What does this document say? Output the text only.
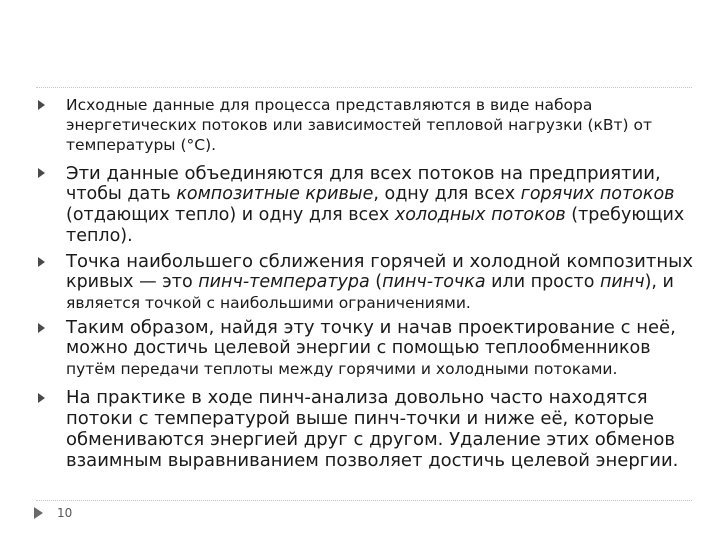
Исходные данные для процесса представляются в виде набора
энергетических потоков или зависимостей тепловой нагрузки (кВт) от
температуры (°С).

Эти данные объединяются для всех потоков на предприятии,
чтобы дать композитные кривые, одну для всех горячих потоков
(отдающих тепло) и одну для всех холодных потоков (требующих
тепло).

Точка наибольшего сближения горячей и холодной композитных
кривых — это пинч-температура (пинч-точка или просто пинч), и
является точкой с наибольшими ограничениями.

Таким образом, найдя эту точку и начав проектирование с неё,
можно достичь целевой энергии с помощью теплообменников
путём передачи теплоты между горячими и холодными потоками.

На практике в ходе пинч-анализа довольно часто находятся
потоки с температурой выше пинч-точки и ниже её, которые
обмениваются энергией друг с другом. Удаление этих обменов
взаимным выравниванием позволяет достичь целевой энергии.

10
